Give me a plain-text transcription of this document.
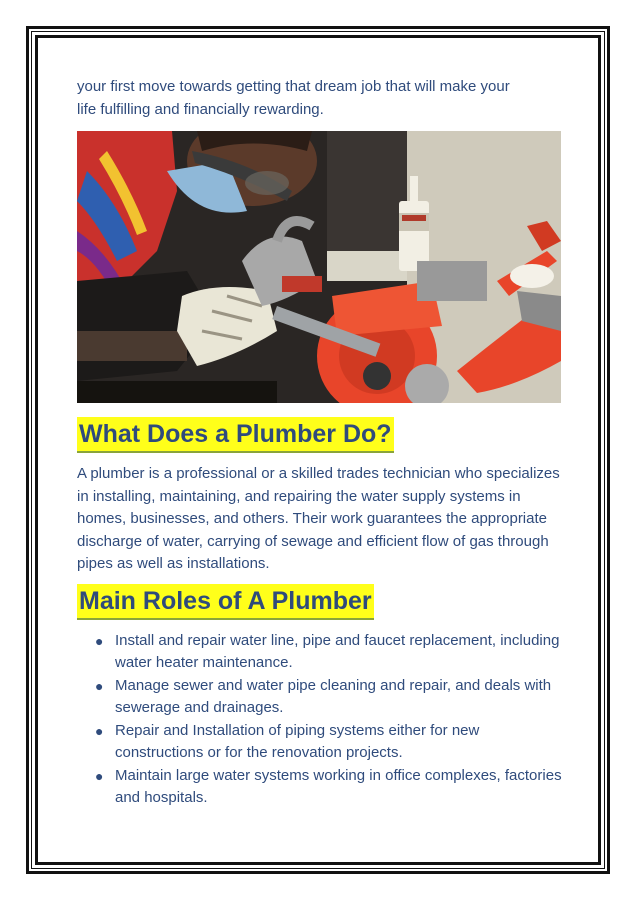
your first move towards getting that dream job that will make your
life fulfilling and financially rewarding.

What Does a Plumber Do?

A plumber is a professional or a skilled trades technician who specializes in installing, maintaining, and repairing the water supply systems in homes, businesses, and others. Their work guarantees the appropriate discharge of water, carrying of sewage and efficient flow of gas through pipes as well as installations.

Main Roles of A Plumber
● Install and repair water line, pipe and faucet replacement, including water heater maintenance.
● Manage sewer and water pipe cleaning and repair, and deals with sewerage and drainages.
● Repair and Installation of piping systems either for new constructions or for the renovation projects.
● Maintain large water systems working in office complexes, factories and hospitals.
